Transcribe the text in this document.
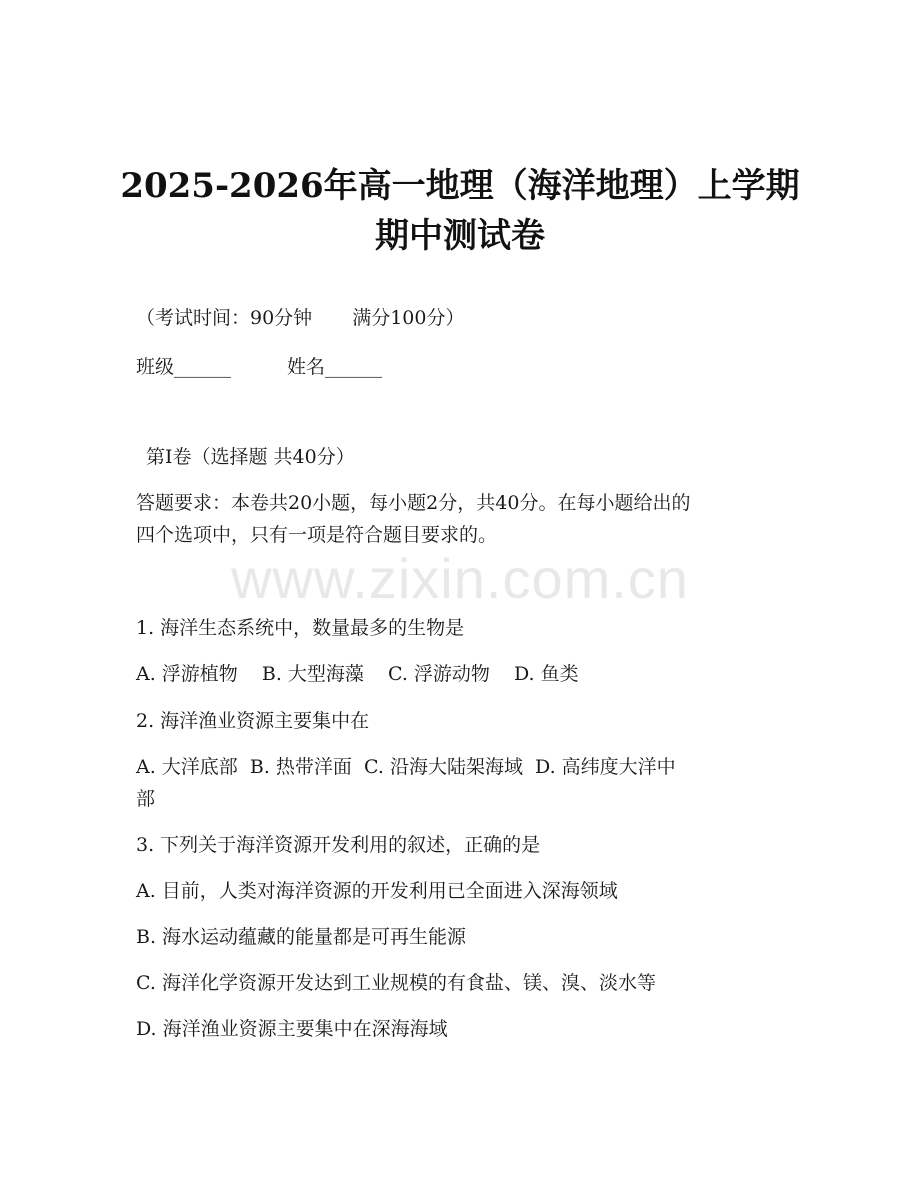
www.zixin.com.cn
2025-2026年高一地理（海洋地理）上学期
期中测试卷
（考试时间：90分钟 满分100分）
班级______	姓名______
第Ⅰ卷（选择题 共40分）
答题要求：本卷共20小题，每小题2分，共40分。在每小题给出的
四个选项中，只有一项是符合题目要求的。
1. 海洋生态系统中，数量最多的生物是
A. 浮游植物 B. 大型海藻 C. 浮游动物 D. 鱼类
2. 海洋渔业资源主要集中在
A. 大洋底部  B. 热带洋面  C. 沿海大陆架海域  D. 高纬度大洋中
部
3. 下列关于海洋资源开发利用的叙述，正确的是
A. 目前，人类对海洋资源的开发利用已全面进入深海领域
B. 海水运动蕴藏的能量都是可再生能源
C. 海洋化学资源开发达到工业规模的有食盐、镁、溴、淡水等
D. 海洋渔业资源主要集中在深海海域
